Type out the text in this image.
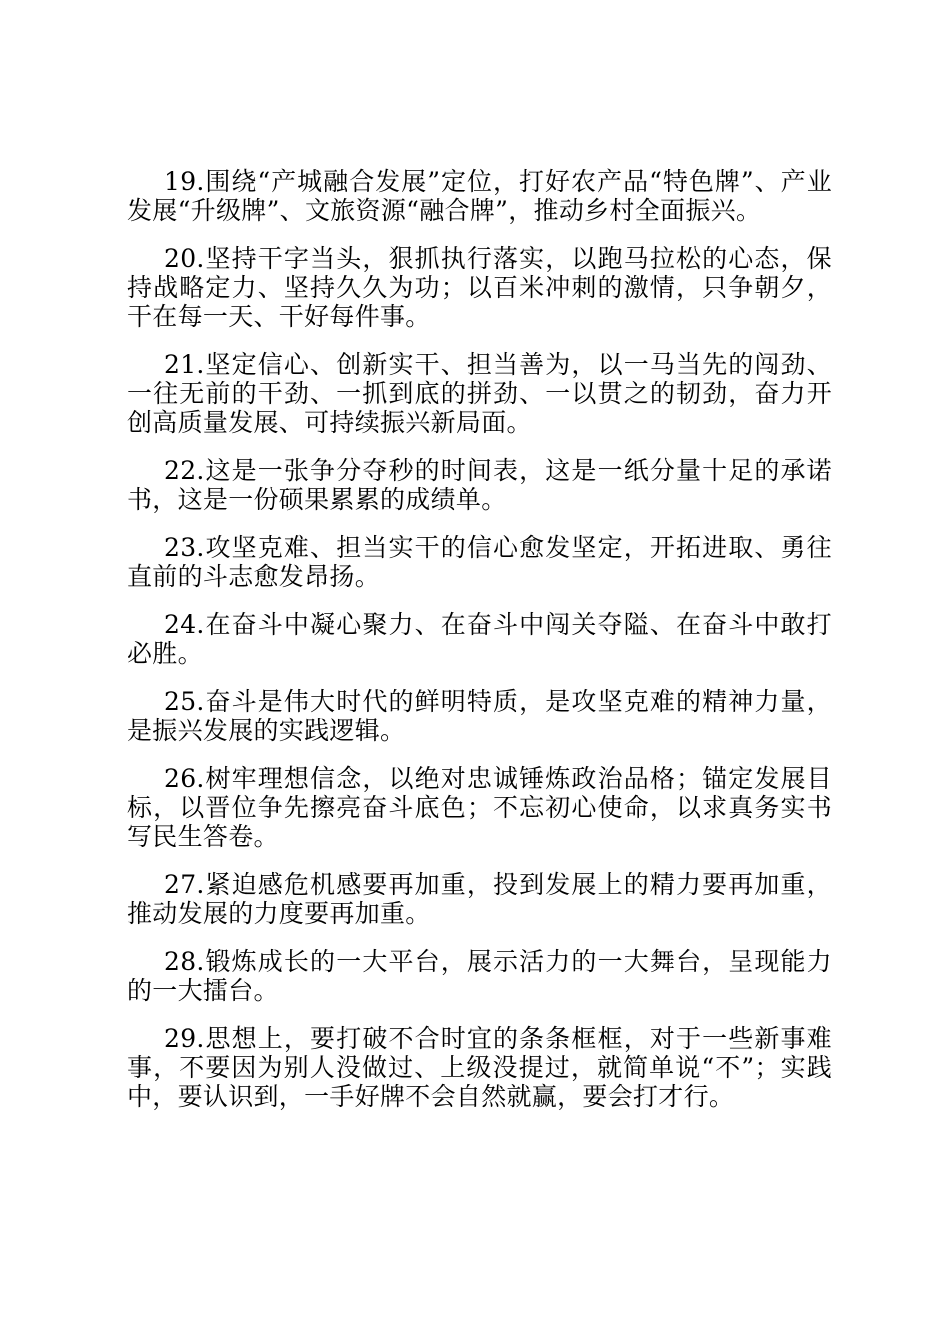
19.围绕“产城融合发展”定位，打好农产品“特色牌”、产业发展“升级牌”、文旅资源“融合牌”，推动乡村全面振兴。

20.坚持干字当头，狠抓执行落实，以跑马拉松的心态，保持战略定力、坚持久久为功；以百米冲刺的激情，只争朝夕，干在每一天、干好每件事。

21.坚定信心、创新实干、担当善为，以一马当先的闯劲、一往无前的干劲、一抓到底的拼劲、一以贯之的韧劲，奋力开创高质量发展、可持续振兴新局面。

22.这是一张争分夺秒的时间表，这是一纸分量十足的承诺书，这是一份硕果累累的成绩单。

23.攻坚克难、担当实干的信心愈发坚定，开拓进取、勇往直前的斗志愈发昂扬。

24.在奋斗中凝心聚力、在奋斗中闯关夺隘、在奋斗中敢打必胜。

25.奋斗是伟大时代的鲜明特质，是攻坚克难的精神力量，是振兴发展的实践逻辑。

26.树牢理想信念，以绝对忠诚锤炼政治品格；锚定发展目标，以晋位争先擦亮奋斗底色；不忘初心使命，以求真务实书写民生答卷。

27.紧迫感危机感要再加重，投到发展上的精力要再加重，推动发展的力度要再加重。

28.锻炼成长的一大平台，展示活力的一大舞台，呈现能力的一大擂台。

29.思想上，要打破不合时宜的条条框框，对于一些新事难事，不要因为别人没做过、上级没提过，就简单说“不”；实践中，要认识到，一手好牌不会自然就赢，要会打才行。
